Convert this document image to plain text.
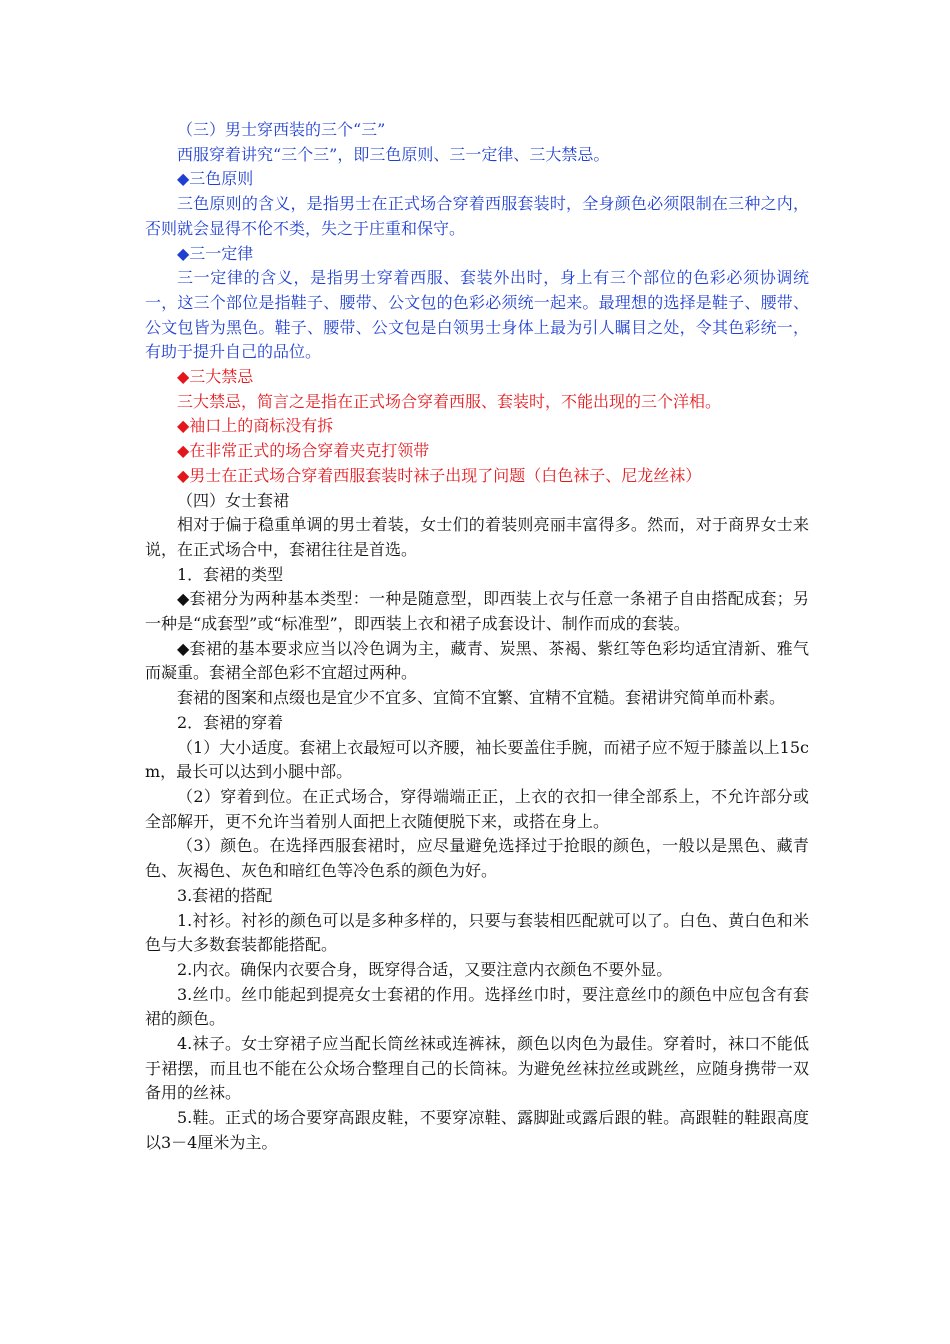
（三）男士穿西装的三个“三”

西服穿着讲究“三个三”，即三色原则、三一定律、三大禁忌。

◆三色原则

三色原则的含义，是指男士在正式场合穿着西服套装时，全身颜色必须限制在三种之内，否则就会显得不伦不类，失之于庄重和保守。

◆三一定律

三一定律的含义，是指男士穿着西服、套装外出时，身上有三个部位的色彩必须协调统一，这三个部位是指鞋子、腰带、公文包的色彩必须统一起来。最理想的选择是鞋子、腰带、公文包皆为黑色。鞋子、腰带、公文包是白领男士身体上最为引人瞩目之处，令其色彩统一，有助于提升自己的品位。

◆三大禁忌

三大禁忌，简言之是指在正式场合穿着西服、套装时，不能出现的三个洋相。

◆袖口上的商标没有拆

◆在非常正式的场合穿着夹克打领带

◆男士在正式场合穿着西服套装时袜子出现了问题（白色袜子、尼龙丝袜）

（四）女士套裙

相对于偏于稳重单调的男士着装，女士们的着装则亮丽丰富得多。然而，对于商界女士来说，在正式场合中，套裙往往是首选。

1．套裙的类型

◆套裙分为两种基本类型：一种是随意型，即西装上衣与任意一条裙子自由搭配成套；另一种是“成套型”或“标准型”，即西装上衣和裙子成套设计、制作而成的套装。

◆套裙的基本要求应当以冷色调为主，藏青、炭黑、茶褐、紫红等色彩均适宜清新、雅气而凝重。套裙全部色彩不宜超过两种。

套裙的图案和点缀也是宜少不宜多、宜简不宜繁、宜精不宜糙。套裙讲究简单而朴素。

2．套裙的穿着

（1）大小适度。套裙上衣最短可以齐腰，袖长要盖住手腕，而裙子应不短于膝盖以上15cm，最长可以达到小腿中部。

（2）穿着到位。在正式场合，穿得端端正正，上衣的衣扣一律全部系上，不允许部分或全部解开，更不允许当着别人面把上衣随便脱下来，或搭在身上。

（3）颜色。在选择西服套裙时，应尽量避免选择过于抢眼的颜色，一般以是黑色、藏青色、灰褐色、灰色和暗红色等冷色系的颜色为好。

3.套裙的搭配

1.衬衫。衬衫的颜色可以是多种多样的，只要与套装相匹配就可以了。白色、黄白色和米色与大多数套装都能搭配。

2.内衣。确保内衣要合身，既穿得合适，又要注意内衣颜色不要外显。

3.丝巾。丝巾能起到提亮女士套裙的作用。选择丝巾时，要注意丝巾的颜色中应包含有套裙的颜色。

4.袜子。女士穿裙子应当配长筒丝袜或连裤袜，颜色以肉色为最佳。穿着时，袜口不能低于裙摆，而且也不能在公众场合整理自己的长筒袜。为避免丝袜拉丝或跳丝，应随身携带一双备用的丝袜。

5.鞋。正式的场合要穿高跟皮鞋，不要穿凉鞋、露脚趾或露后跟的鞋。高跟鞋的鞋跟高度以3－4厘米为主。
